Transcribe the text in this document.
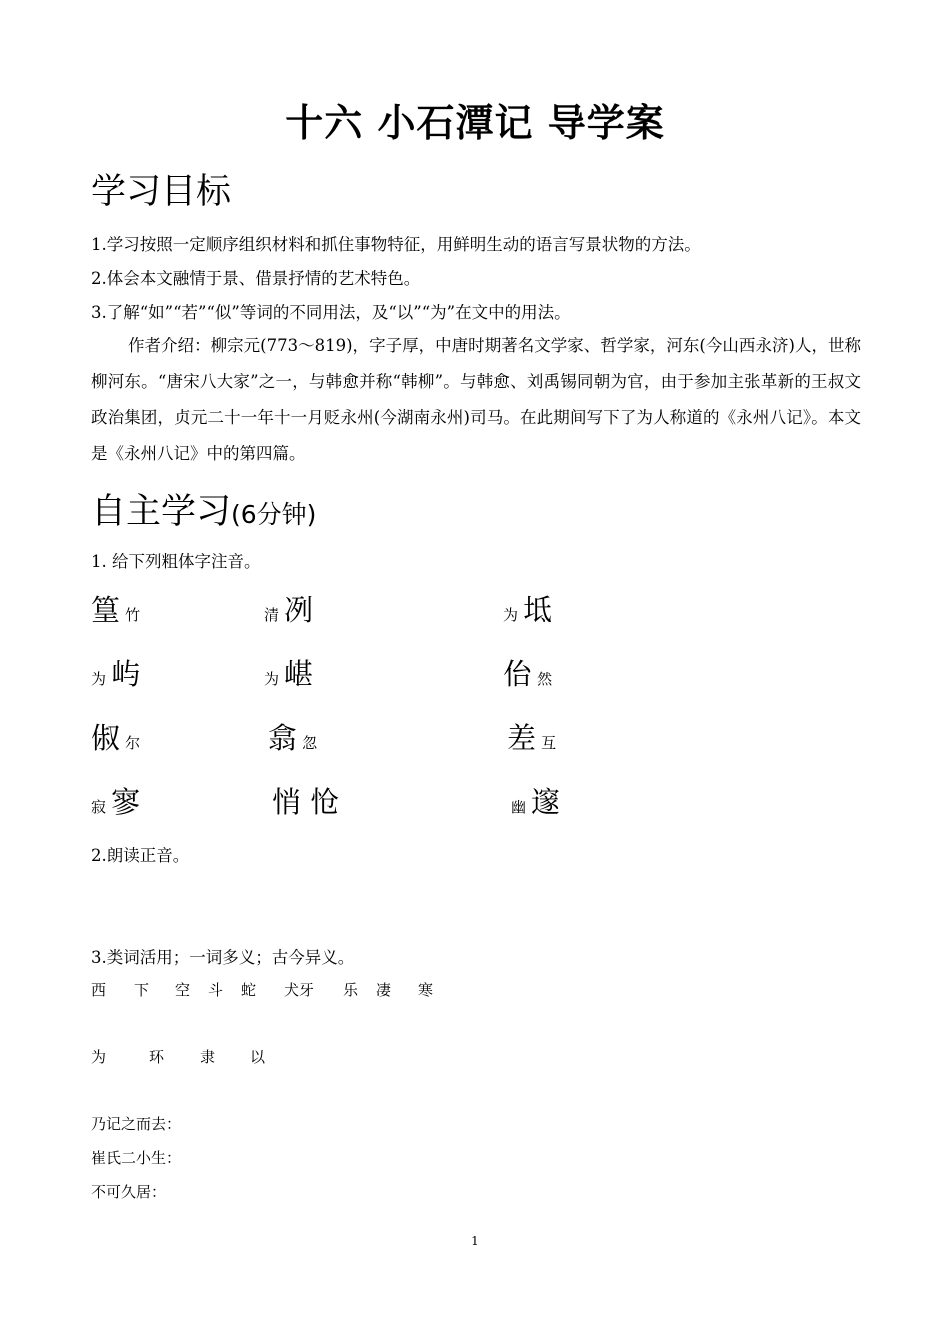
十六 小石潭记 导学案
学习目标
1.学习按照一定顺序组织材料和抓住事物特征，用鲜明生动的语言写景状物的方法。
2.体会本文融情于景、借景抒情的艺术特色。
3.了解“如”“若”“似”等词的不同用法，及“以”“为”在文中的用法。
作者介绍：柳宗元(773～819)，字子厚，中唐时期著名文学家、哲学家，河东(今山西永济)人，世称柳河东。“唐宋八大家”之一，与韩愈并称“韩柳”。与韩愈、刘禹锡同朝为官，由于参加主张革新的王叔文政治集团，贞元二十一年十一月贬永州(今湖南永州)司马。在此期间写下了为人称道的《永州八记》。本文是《永州八记》中的第四篇。
自主学习(6分钟)
1. 给下列粗体字注音。
篁 竹	清 冽	为 坻
为 屿	为 嵁	佁 然
俶 尔	翕 忽	差 互
寂 寥	悄 怆	幽 邃
2.朗读正音。
3.类词活用；一词多义；古今异义。
西 下 空 斗 蛇 犬牙 乐 凄 寒
为	环 隶 以
乃记之而去：
崔氏二小生：
不可久居：
1
